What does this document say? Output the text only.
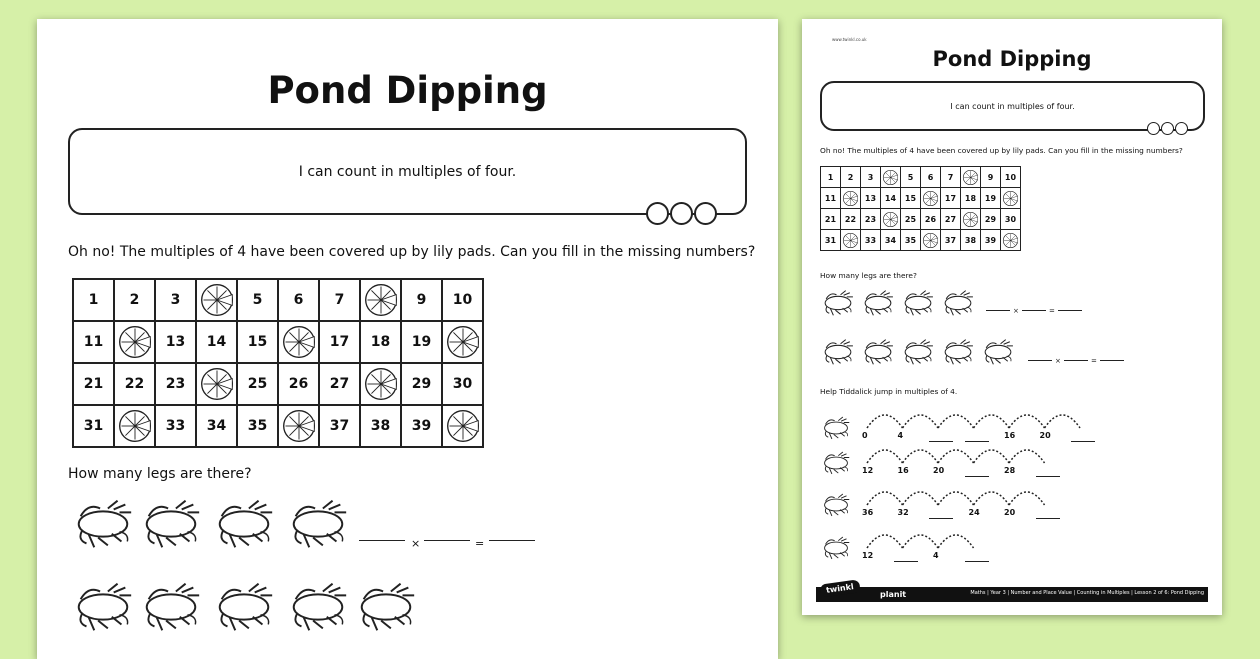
Pond Dipping
I can count in multiples of four.
Oh no! The multiples of 4 have been covered up by lily pads. Can you fill in the missing numbers?
1	2	3		5	6	7		9	10
11		13	14	15		17	18	19	

21	22	23		25	26	27		29	30
31		33	34	35		37	38	39	
How many legs are there?
×	=
Pond Dipping
I can count in multiples of four.
Oh no! The multiples of 4 have been covered up by lily pads. Can you fill in the missing numbers?
1	2	3		5	6	7		9	10
11		13	14	15		17	18	19	

21	22	23		25	26	27		29	30
31		33	34	35		37	38	39	
How many legs are there?
Help Tiddalick jump in multiples of 4.
twinkl	planit	Maths | Year 3 | Number and Place Value | Counting in Multiples | Lesson 2 of 6: Pond Dipping
www.twinkl.co.uk
×	=
×	=
0	4	16	20
12	16	20	28
36	32	24	20
12	4
